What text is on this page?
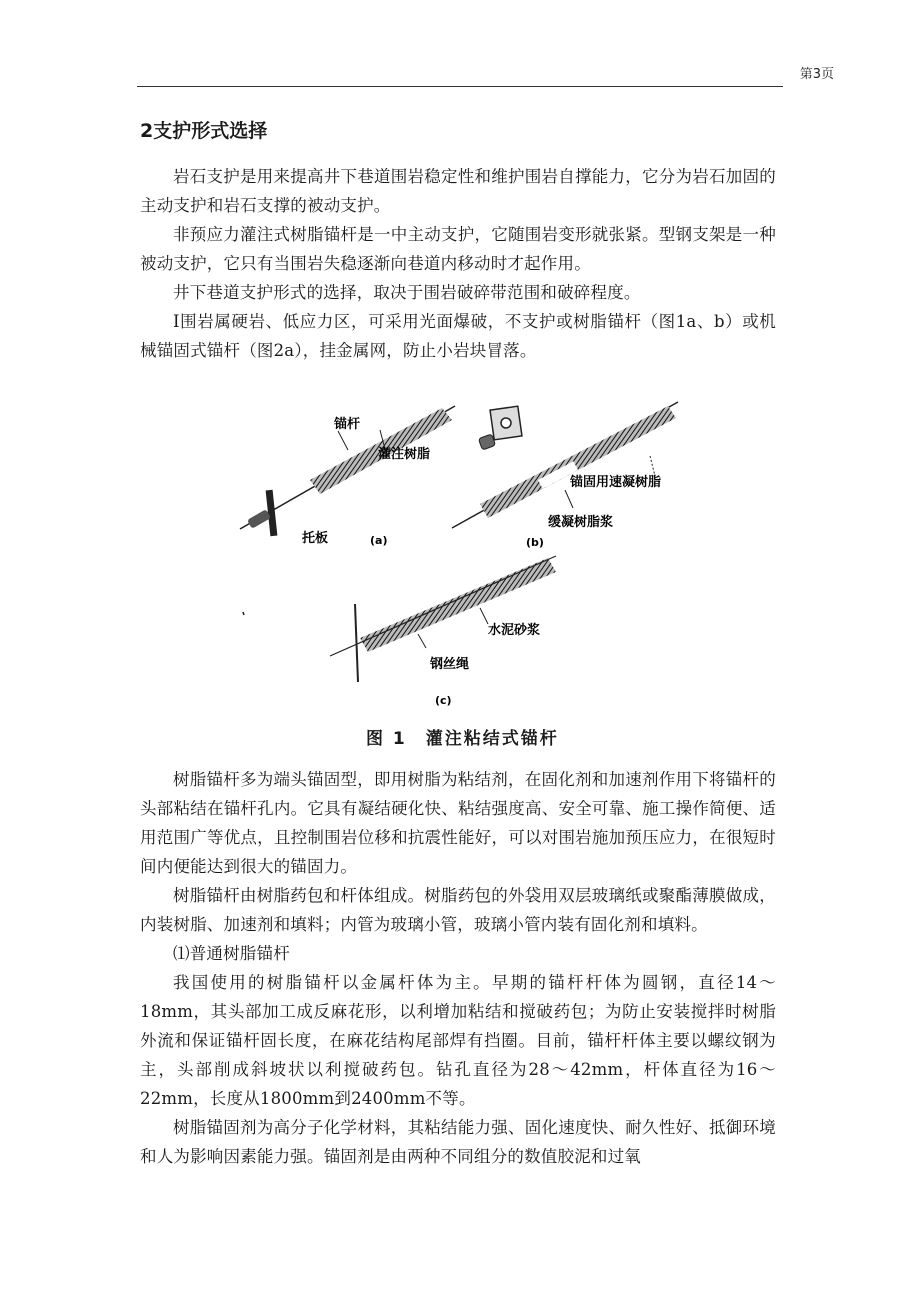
第3页
2支护形式选择

岩石支护是用来提高井下巷道围岩稳定性和维护围岩自撑能力，它分为岩石加固的主动支护和岩石支撑的被动支护。

非预应力灌注式树脂锚杆是一中主动支护，它随围岩变形就张紧。型钢支架是一种被动支护，它只有当围岩失稳逐渐向巷道内移动时才起作用。

井下巷道支护形式的选择，取决于围岩破碎带范围和破碎程度。

Ⅰ围岩属硬岩、低应力区，可采用光面爆破，不支护或树脂锚杆（图1a、b）或机械锚固式锚杆（图2a），挂金属网，防止小岩块冒落。

锚杆
灌注树脂
托板	(a)
锚固用速凝树脂
缓凝树脂浆
(b)
水泥砂浆
钢丝绳
(c)
图 1　灌注粘结式锚杆

树脂锚杆多为端头锚固型，即用树脂为粘结剂，在固化剂和加速剂作用下将锚杆的头部粘结在锚杆孔内。它具有凝结硬化快、粘结强度高、安全可靠、施工操作简便、适用范围广等优点，且控制围岩位移和抗震性能好，可以对围岩施加预压应力，在很短时间内便能达到很大的锚固力。

树脂锚杆由树脂药包和杆体组成。树脂药包的外袋用双层玻璃纸或聚酯薄膜做成，内装树脂、加速剂和填料；内管为玻璃小管，玻璃小管内装有固化剂和填料。

⑴普通树脂锚杆

我国使用的树脂锚杆以金属杆体为主。早期的锚杆杆体为圆钢，直径14～18mm，其头部加工成反麻花形，以利增加粘结和搅破药包；为防止安装搅拌时树脂外流和保证锚杆固长度，在麻花结构尾部焊有挡圈。目前，锚杆杆体主要以螺纹钢为主，头部削成斜坡状以利搅破药包。钻孔直径为28～42mm，杆体直径为16～22mm，长度从1800mm到2400mm不等。

树脂锚固剂为高分子化学材料，其粘结能力强、固化速度快、耐久性好、抵御环境和人为影响因素能力强。锚固剂是由两种不同组分的数值胶泥和过氧
